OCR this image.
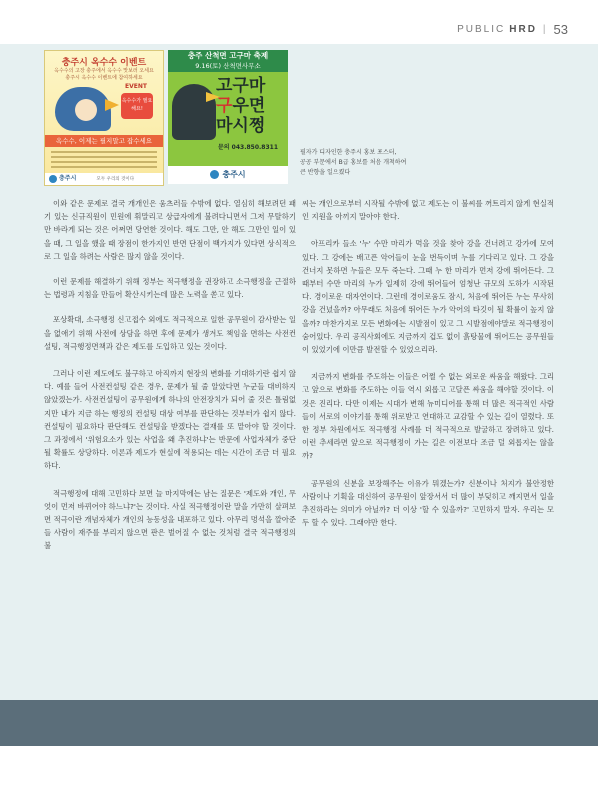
PUBLIC HRD | 53
충주시 옥수수 이벤트
옥수수의 고장 충주에서 옥수수 맛보러 오세요
충주시 옥수수 이벤트에 참여하세요
EVENT
옥수수가 필요해요!
옥수수, 이제는 필지말고 잡수세요
충주시	모두 우리의 것이다
충주 산척면 고구마 축제
9.16(토) 산척면사무소
고구마
구우면
마시쩡
문의 043.850.8311
충주시
필자가 디자인한 충주시 홍보 포스터,
공공 부문에서 B급 홍보를 처음 개척하여
큰 반향을 일으켰다

이와 같은 문제로 결국 개개인은 움츠러들 수밖에 없다. 열심히 해보려던 패기 있는 신규직원이 민원에 휘말리고 상급자에게 불려다니면서 그저 무탈하기만 바라게 되는 것은 어쩌면 당연한 것이다. 해도 그만, 안 해도 그만인 일이 있을 때, 그 일을 했을 때 장점이 한가지인 반면 단점이 백가지가 있다면 상식적으로 그 일을 하려는 사람은 많지 않을 것이다.

이런 문제를 해결하기 위해 정부는 적극행정을 권장하고 소극행정을 근절하는 법령과 지침을 만들어 확산시키는데 많은 노력을 쏟고 있다.

포상확대, 소극행정 신고접수 외에도 적극적으로 일한 공무원이 감사받는 일을 없애기 위해 사전에 상담을 하면 후에 문제가 생겨도 책임을 면하는 사전컨설팅, 적극행정면책과 같은 제도를 도입하고 있는 것이다.

그러나 이런 제도에도 불구하고 아직까지 현장의 변화를 기대하기란 쉽지 않다. 예를 들어 사전컨설팅 같은 경우, 문제가 될 줄 알았다면 누군들 대비하지 않았겠는가. 사전컨설팅이 공무원에게 하나의 안전장치가 되어 줄 것은 틀림없지만 내가 지금 하는 행정의 컨설팅 대상 여부를 판단하는 것부터가 쉽지 않다. 컨설팅이 필요하다 판단해도 컨설팅을 받겠다는 결재를 또 맡아야 할 것이다. 그 과정에서 '위험요소가 있는 사업을 왜 추진하냐'는 반문에 사업자체가 중단될 확률도 상당하다. 이론과 제도가 현실에 적용되는 데는 시간이 조금 더 필요하다.

적극행정에 대해 고민하다 보면 늘 마지막에는 남는 질문은 '제도와 개인, 무엇이 먼저 바뀌어야 하느냐?'는 것이다. 사실 적극행정이란 말을 가만히 살펴보면 적극이란 개념자체가 개인의 능동성을 내포하고 있다. 아무리 멍석을 깔아준들 사람이 재주를 부리지 않으면 판은 벌어질 수 없는 것처럼 결국 적극행정의 불

씨는 개인으로부터 시작될 수밖에 없고 제도는 이 불씨를 꺼트리지 않게 현실적인 지원을 아끼지 말아야 한다.

아프리카 들소 '누' 수만 마리가 먹을 것을 찾아 강을 건너려고 강가에 모여있다. 그 강에는 배고픈 악어들이 눈을 번득이며 누를 기다리고 있다. 그 강을 건너지 못하면 누들은 모두 죽는다. 그때 누 한 마리가 먼저 강에 뛰어든다. 그때부터 수만 마리의 누가 일제히 강에 뛰어들어 엄청난 규모의 도하가 시작된다. 경이로운 대자연이다. 그런데 경이로움도 잠시, 처음에 뛰어든 누는 무사히 강을 건넜을까? 아무래도 처음에 뛰어든 누가 악어의 타깃이 될 확률이 높지 않을까? 마찬가지로 모든 변화에는 시발점이 있고 그 시발점에야말로 적극행정이 숨어있다. 우리 공직사회에도 지금까지 겁도 없이 흙탕물에 뛰어드는 공무원들이 있었기에 이만큼 발전할 수 있었으리라.

지금까지 변화를 주도하는 이들은 어쩔 수 없는 외로운 싸움을 해왔다. 그리고 앞으로 변화를 주도하는 이들 역시 외롭고 고달픈 싸움을 해야할 것이다. 이것은 진리다. 다만 이제는 시대가 변해 뉴미디어를 통해 더 많은 적극적인 사람들이 서로의 이야기를 통해 위로받고 연대하고 교감할 수 있는 길이 열렸다. 또한 정부 차원에서도 적극행정 사례를 더 적극적으로 발굴하고 장려하고 있다. 이런 추세라면 앞으로 적극행정이 가는 길은 이전보다 조금 덜 외롭지는 않을까?

공무원의 신분을 보장해주는 이유가 뭐겠는가? 신분이나 처지가 불안정한 사람이나 기획을 대신하여 공무원이 앞장서서 더 많이 부딪히고 깨지면서 일을 추진하라는 의미가 아닐까? 더 이상 '할 수 있을까?' 고민하지 말자. 우리는 모두 할 수 있다. 그래야만 한다.
